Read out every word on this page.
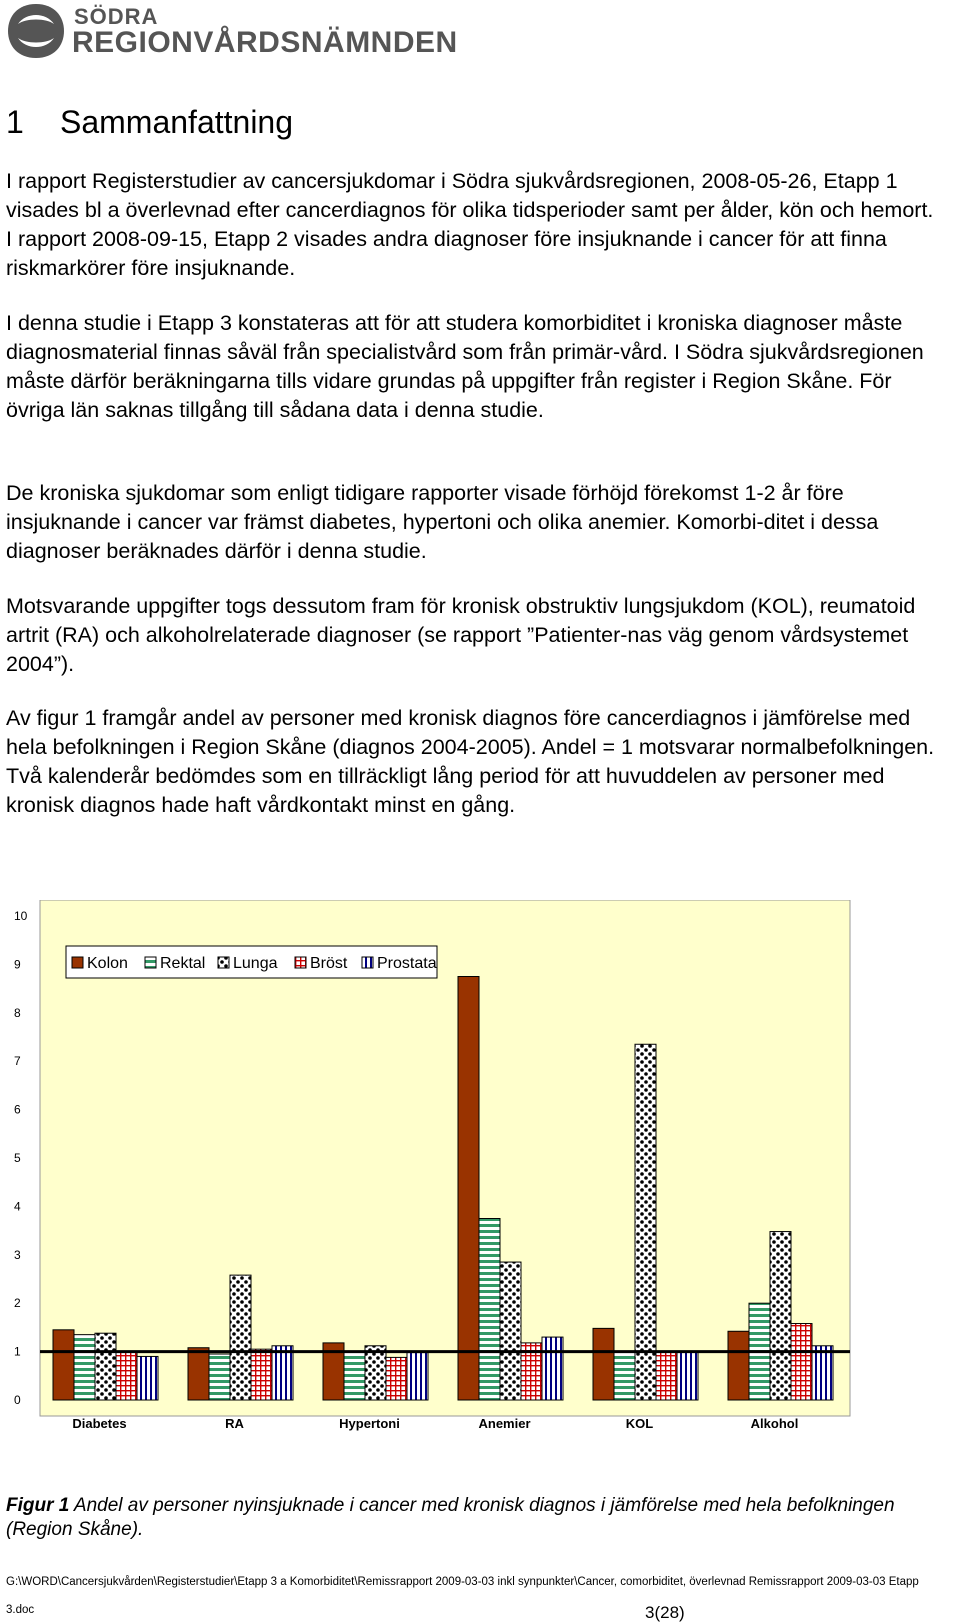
SÖDRA
REGIONVÅRDSNÄMNDEN
1 Sammanfattning

I rapport Registerstudier av cancersjukdomar i Södra sjukvårdsregionen, 2008-05-26, Etapp 1 visades bl a överlevnad efter cancerdiagnos för olika tidsperioder samt per ålder, kön och hemort. I rapport 2008-09-15, Etapp 2 visades andra diagnoser före insjuknande i cancer för att finna riskmarkörer före insjuknande.

I denna studie i Etapp 3 konstateras att för att studera komorbiditet i kroniska diagnoser måste diagnosmaterial finnas såväl från specialistvård som från primär-vård. I Södra sjukvårdsregionen måste därför beräkningarna tills vidare grundas på uppgifter från register i Region Skåne. För övriga län saknas tillgång till sådana data i denna studie.

De kroniska sjukdomar som enligt tidigare rapporter visade förhöjd förekomst 1-2 år före insjuknande i cancer var främst diabetes, hypertoni och olika anemier. Komorbi-ditet i dessa diagnoser beräknades därför i denna studie.

Motsvarande uppgifter togs dessutom fram för kronisk obstruktiv lungsjukdom (KOL), reumatoid artrit (RA) och alkoholrelaterade diagnoser (se rapport ”Patienter-nas väg genom vårdsystemet 2004”).

Av figur 1 framgår andel av personer med kronisk diagnos före cancerdiagnos i jämförelse med hela befolkningen i Region Skåne (diagnos 2004-2005). Andel = 1 motsvarar normalbefolkningen. Två kalenderår bedömdes som en tillräckligt lång period för att huvuddelen av personer med kronisk diagnos hade haft vårdkontakt minst en gång.

0
1
2
3
4
5
6
7
8
9
10
Diabetes	RA	Hypertoni	Anemier	KOL	Alkohol
Kolon Rektal Lunga Bröst Prostata

Figur 1 Andel av personer nyinsjuknade i cancer med kronisk diagnos i jämförelse med hela befolkningen (Region Skåne).

G:\WORD\Cancersjukvården\Registerstudier\Etapp 3 a Komorbiditet\Remissrapport 2009-03-03 inkl synpunkter\Cancer, comorbiditet, överlevnad Remissrapport 2009-03-03 Etapp 3.doc	3(28)
